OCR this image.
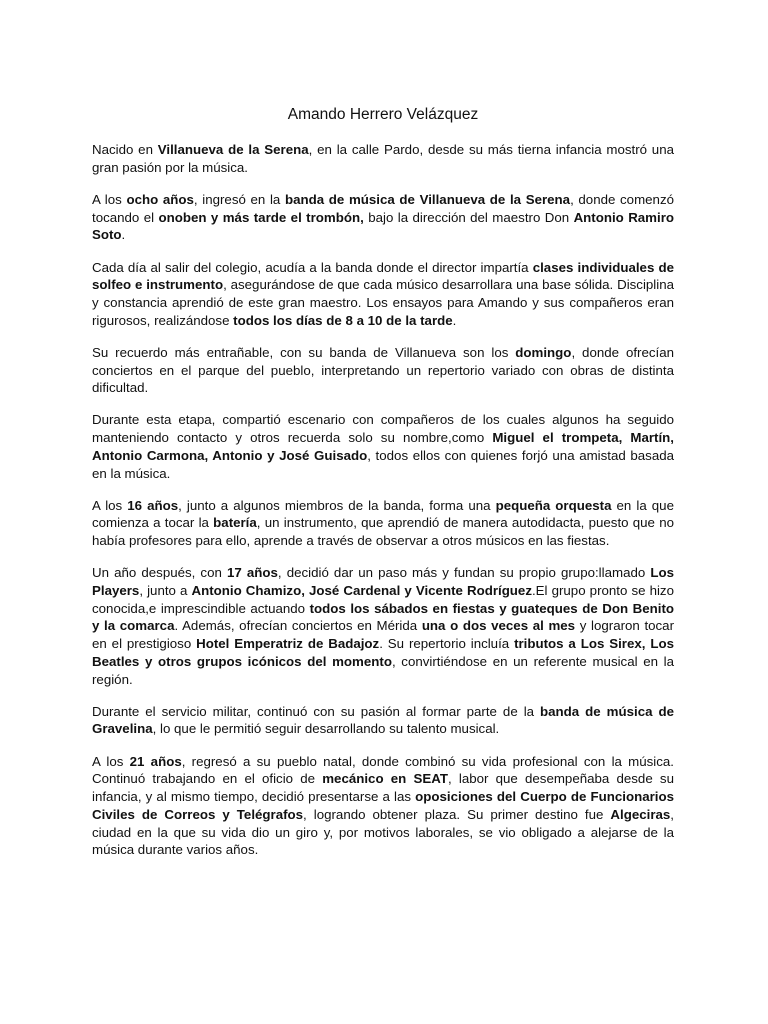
Amando Herrero Velázquez

Nacido en Villanueva de la Serena, en la calle Pardo, desde su más tierna infancia mostró una gran pasión por la música.

A los ocho años, ingresó en la banda de música de Villanueva de la Serena, donde comenzó tocando el onoben y más tarde el trombón, bajo la dirección del maestro Don Antonio Ramiro Soto.

Cada día al salir del colegio, acudía a la banda donde el director impartía clases individuales de solfeo e instrumento, asegurándose de que cada músico desarrollara una base sólida. Disciplina y constancia aprendió de este gran maestro. Los ensayos para Amando y sus compañeros eran rigurosos, realizándose todos los días de 8 a 10 de la tarde.

Su recuerdo más entrañable, con su banda de Villanueva son los domingo, donde ofrecían conciertos en el parque del pueblo, interpretando un repertorio variado con obras de distinta dificultad.

Durante esta etapa, compartió escenario con compañeros de los cuales algunos ha seguido manteniendo contacto y otros recuerda solo su nombre,como Miguel el trompeta, Martín, Antonio Carmona, Antonio y José Guisado, todos ellos con quienes forjó una amistad basada en la música.

A los 16 años, junto a algunos miembros de la banda, forma una pequeña orquesta en la que comienza a tocar la batería, un instrumento, que aprendió de manera autodidacta, puesto que no había profesores para ello, aprende a través de observar a otros músicos en las fiestas.

Un año después, con 17 años, decidió dar un paso más y fundan su propio grupo:llamado Los Players, junto a Antonio Chamizo, José Cardenal y Vicente Rodríguez.El grupo pronto se hizo conocida,e imprescindible actuando todos los sábados en fiestas y guateques de Don Benito y la comarca. Además, ofrecían conciertos en Mérida una o dos veces al mes y lograron tocar en el prestigioso Hotel Emperatriz de Badajoz. Su repertorio incluía tributos a Los Sirex, Los Beatles y otros grupos icónicos del momento, convirtiéndose en un referente musical en la región.

Durante el servicio militar, continuó con su pasión al formar parte de la banda de música de Gravelina, lo que le permitió seguir desarrollando su talento musical.

A los 21 años, regresó a su pueblo natal, donde combinó su vida profesional con la música. Continuó trabajando en el oficio de mecánico en SEAT, labor que desempeñaba desde su infancia, y al mismo tiempo, decidió presentarse a las oposiciones del Cuerpo de Funcionarios Civiles de Correos y Telégrafos, logrando obtener plaza. Su primer destino fue Algeciras, ciudad en la que su vida dio un giro y, por motivos laborales, se vio obligado a alejarse de la música durante varios años.
